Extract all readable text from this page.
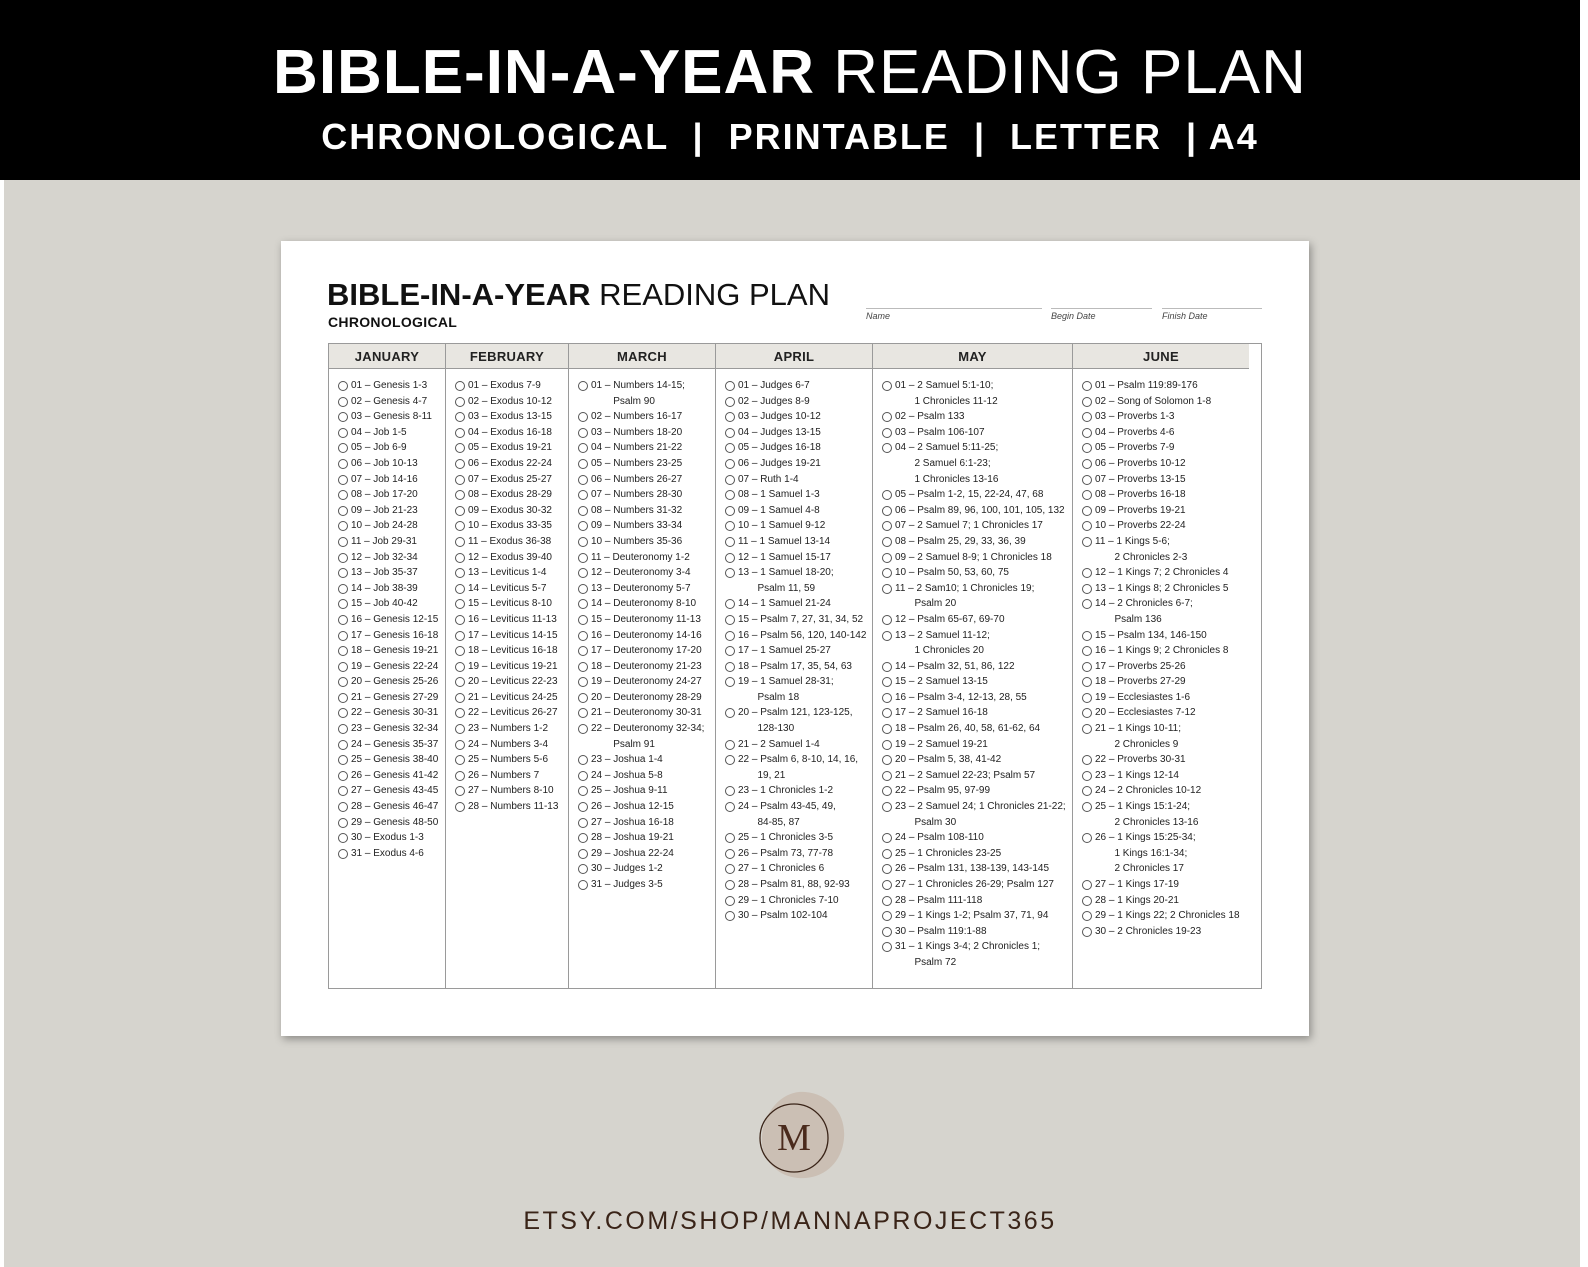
BIBLE-IN-A-YEAR READING PLAN
CHRONOLOGICAL  |  PRINTABLE  |  LETTER  | A4
BIBLE-IN-A-YEAR READING PLAN
CHRONOLOGICAL	Name	Begin Date	Finish Date
JANUARY
01 – Genesis 1-3
02 – Genesis 4-7
03 – Genesis 8-11
04 – Job 1-5
05 – Job 6-9
06 – Job 10-13
07 – Job 14-16
08 – Job 17-20
09 – Job 21-23
10 – Job 24-28
11 – Job 29-31
12 – Job 32-34
13 – Job 35-37
14 – Job 38-39
15 – Job 40-42
16 – Genesis 12-15
17 – Genesis 16-18
18 – Genesis 19-21
19 – Genesis 22-24
20 – Genesis 25-26
21 – Genesis 27-29
22 – Genesis 30-31
23 – Genesis 32-34
24 – Genesis 35-37
25 – Genesis 38-40
26 – Genesis 41-42
27 – Genesis 43-45
28 – Genesis 46-47
29 – Genesis 48-50
30 – Exodus 1-3
31 – Exodus 4-6
FEBRUARY
01 – Exodus 7-9
02 – Exodus 10-12
03 – Exodus 13-15
04 – Exodus 16-18
05 – Exodus 19-21
06 – Exodus 22-24
07 – Exodus 25-27
08 – Exodus 28-29
09 – Exodus 30-32
10 – Exodus 33-35
11 – Exodus 36-38
12 – Exodus 39-40
13 – Leviticus 1-4
14 – Leviticus 5-7
15 – Leviticus 8-10
16 – Leviticus 11-13
17 – Leviticus 14-15
18 – Leviticus 16-18
19 – Leviticus 19-21
20 – Leviticus 22-23
21 – Leviticus 24-25
22 – Leviticus 26-27
23 – Numbers 1-2
24 – Numbers 3-4
25 – Numbers 5-6
26 – Numbers 7
27 – Numbers 8-10
28 – Numbers 11-13
MARCH
01 – Numbers 14-15;
Psalm 90
02 – Numbers 16-17
03 – Numbers 18-20
04 – Numbers 21-22
05 – Numbers 23-25
06 – Numbers 26-27
07 – Numbers 28-30
08 – Numbers 31-32
09 – Numbers 33-34
10 – Numbers 35-36
11 – Deuteronomy 1-2
12 – Deuteronomy 3-4
13 – Deuteronomy 5-7
14 – Deuteronomy 8-10
15 – Deuteronomy 11-13
16 – Deuteronomy 14-16
17 – Deuteronomy 17-20
18 – Deuteronomy 21-23
19 – Deuteronomy 24-27
20 – Deuteronomy 28-29
21 – Deuteronomy 30-31
22 – Deuteronomy 32-34;
Psalm 91
23 – Joshua 1-4
24 – Joshua 5-8
25 – Joshua 9-11
26 – Joshua 12-15
27 – Joshua 16-18
28 – Joshua 19-21
29 – Joshua 22-24
30 – Judges 1-2
31 – Judges 3-5
APRIL
01 – Judges 6-7
02 – Judges 8-9
03 – Judges 10-12
04 – Judges 13-15
05 – Judges 16-18
06 – Judges 19-21
07 – Ruth 1-4
08 – 1 Samuel 1-3
09 – 1 Samuel 4-8
10 – 1 Samuel 9-12
11 – 1 Samuel 13-14
12 – 1 Samuel 15-17
13 – 1 Samuel 18-20;
Psalm 11, 59
14 – 1 Samuel 21-24
15 – Psalm 7, 27, 31, 34, 52
16 – Psalm 56, 120, 140-142
17 – 1 Samuel 25-27
18 – Psalm 17, 35, 54, 63
19 – 1 Samuel 28-31;
Psalm 18
20 – Psalm 121, 123-125,
128-130
21 – 2 Samuel 1-4
22 – Psalm 6, 8-10, 14, 16,
19, 21
23 – 1 Chronicles 1-2
24 – Psalm 43-45, 49,
84-85, 87
25 – 1 Chronicles 3-5
26 – Psalm 73, 77-78
27 – 1 Chronicles 6
28 – Psalm 81, 88, 92-93
29 – 1 Chronicles 7-10
30 – Psalm 102-104
MAY
01 – 2 Samuel 5:1-10;
1 Chronicles 11-12
02 – Psalm 133
03 – Psalm 106-107
04 – 2 Samuel 5:11-25;
2 Samuel 6:1-23;
1 Chronicles 13-16
05 – Psalm 1-2, 15, 22-24, 47, 68
06 – Psalm 89, 96, 100, 101, 105, 132
07 – 2 Samuel 7; 1 Chronicles 17
08 – Psalm 25, 29, 33, 36, 39
09 – 2 Samuel 8-9; 1 Chronicles 18
10 – Psalm 50, 53, 60, 75
11 – 2 Sam10; 1 Chronicles 19;
Psalm 20
12 – Psalm 65-67, 69-70
13 – 2 Samuel 11-12;
1 Chronicles 20
14 – Psalm 32, 51, 86, 122
15 – 2 Samuel 13-15
16 – Psalm 3-4, 12-13, 28, 55
17 – 2 Samuel 16-18
18 – Psalm 26, 40, 58, 61-62, 64
19 – 2 Samuel 19-21
20 – Psalm 5, 38, 41-42
21 – 2 Samuel 22-23; Psalm 57
22 – Psalm 95, 97-99
23 – 2 Samuel 24; 1 Chronicles 21-22;
Psalm 30
24 – Psalm 108-110
25 – 1 Chronicles 23-25
26 – Psalm 131, 138-139, 143-145
27 – 1 Chronicles 26-29; Psalm 127
28 – Psalm 111-118
29 – 1 Kings 1-2; Psalm 37, 71, 94
30 – Psalm 119:1-88
31 – 1 Kings 3-4; 2 Chronicles 1;
Psalm 72
JUNE
01 – Psalm 119:89-176
02 – Song of Solomon 1-8
03 – Proverbs 1-3
04 – Proverbs 4-6
05 – Proverbs 7-9
06 – Proverbs 10-12
07 – Proverbs 13-15
08 – Proverbs 16-18
09 – Proverbs 19-21
10 – Proverbs 22-24
11 – 1 Kings 5-6;
2 Chronicles 2-3
12 – 1 Kings 7; 2 Chronicles 4
13 – 1 Kings 8; 2 Chronicles 5
14 – 2 Chronicles 6-7;
Psalm 136
15 – Psalm 134, 146-150
16 – 1 Kings 9; 2 Chronicles 8
17 – Proverbs 25-26
18 – Proverbs 27-29
19 – Ecclesiastes 1-6
20 – Ecclesiastes 7-12
21 – 1 Kings 10-11;
2 Chronicles 9
22 – Proverbs 30-31
23 – 1 Kings 12-14
24 – 2 Chronicles 10-12
25 – 1 Kings 15:1-24;
2 Chronicles 13-16
26 – 1 Kings 15:25-34;
1 Kings 16:1-34;
2 Chronicles 17
27 – 1 Kings 17-19
28 – 1 Kings 20-21
29 – 1 Kings 22; 2 Chronicles 18
30 – 2 Chronicles 19-23
M
ETSY.COM/SHOP/MANNAPROJECT365
